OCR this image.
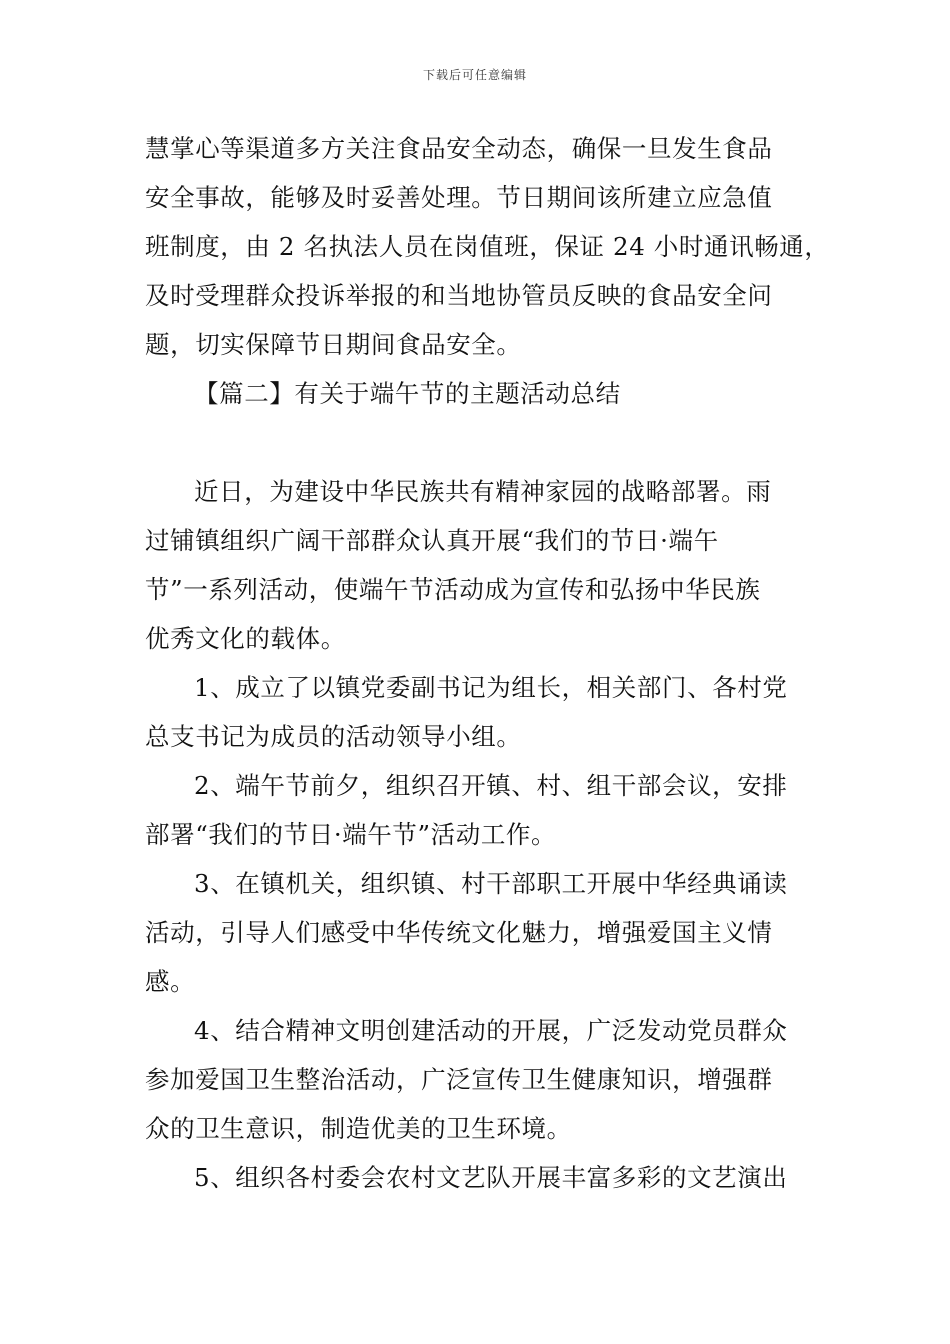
下载后可任意编辑
慧掌心等渠道多方关注食品安全动态，确保一旦发生食品
安全事故，能够及时妥善处理。节日期间该所建立应急值
班制度，由 2 名执法人员在岗值班，保证 24 小时通讯畅通，
及时受理群众投诉举报的和当地协管员反映的食品安全问
题，切实保障节日期间食品安全。
【篇二】有关于端午节的主题活动总结
近日，为建设中华民族共有精神家园的战略部署。雨
过铺镇组织广阔干部群众认真开展“我们的节日·端午
节”一系列活动，使端午节活动成为宣传和弘扬中华民族
优秀文化的载体。
1、成立了以镇党委副书记为组长，相关部门、各村党
总支书记为成员的活动领导小组。
2、端午节前夕，组织召开镇、村、组干部会议，安排
部署“我们的节日·端午节”活动工作。
3、在镇机关，组织镇、村干部职工开展中华经典诵读
活动，引导人们感受中华传统文化魅力，增强爱国主义情
感。
4、结合精神文明创建活动的开展，广泛发动党员群众
参加爱国卫生整治活动，广泛宣传卫生健康知识，增强群
众的卫生意识，制造优美的卫生环境。
5、组织各村委会农村文艺队开展丰富多彩的文艺演出
